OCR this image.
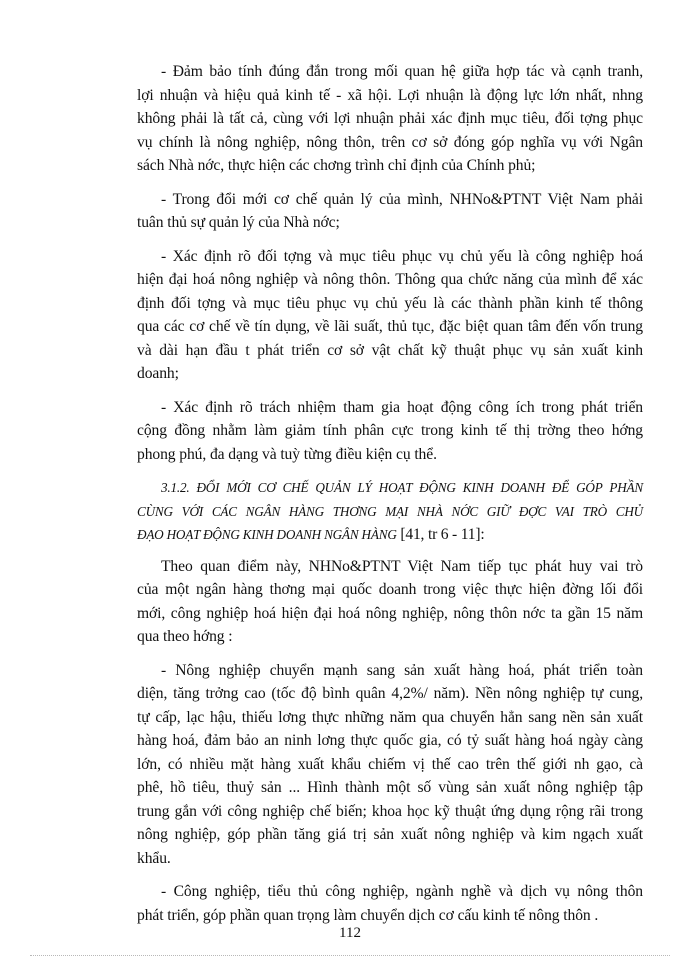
- Đảm bảo tính đúng đắn trong mối quan hệ giữa hợp tác và cạnh tranh,
lợi nhuận và hiệu quả kinh tế - xã hội. Lợi nhuận là động lực lớn nhất, nhng
không phải là tất cả, cùng với lợi nhuận phải xác định mục tiêu, đối tợng phục
vụ chính là nông nghiệp, nông thôn, trên cơ sở đóng góp nghĩa vụ với Ngân
sách Nhà nớc, thực hiện các chơng trình chỉ định của Chính phủ;
- Trong đổi mới cơ chế quản lý của mình, NHNo&PTNT Việt Nam phải
tuân thủ sự quản lý của Nhà nớc;
- Xác định rõ đối tợng và mục tiêu phục vụ chủ yếu là công nghiệp hoá
hiện đại hoá nông nghiệp và nông thôn. Thông qua chức năng của mình để xác
định đối tợng và mục tiêu phục vụ chủ yếu là các thành phần kinh tế thông
qua các cơ chế về tín dụng, về lãi suất, thủ tục, đặc biệt quan tâm đến vốn trung
và dài hạn đầu t phát triển cơ sở vật chất kỹ thuật phục vụ sản xuất kinh
doanh;
- Xác định rõ trách nhiệm tham gia hoạt động công ích trong phát triển
cộng đồng nhằm làm giảm tính phân cực trong kinh tế thị trờng theo hớng
phong phú, đa dạng và tuỳ từng điều kiện cụ thể.
3.1.2. ĐỔI MỚI CƠ CHẾ QUẢN LÝ HOẠT ĐỘNG KINH DOANH ĐỂ GÓP PHẦN
CÙNG VỚI CÁC NGÂN HÀNG THƠNG MẠI NHÀ NỚC GIỮ ĐỢC VAI TRÒ CHỦ
ĐẠO HOẠT ĐỘNG KINH DOANH NGÂN HÀNG [41, tr 6 - 11]:
Theo quan điểm này, NHNo&PTNT Việt Nam tiếp tục phát huy vai trò
của một ngân hàng thơng mại quốc doanh trong việc thực hiện đờng lối đổi
mới, công nghiệp hoá hiện đại hoá nông nghiệp, nông thôn nớc ta gần 15 năm
qua theo hớng :
- Nông nghiệp chuyển mạnh sang sản xuất hàng hoá, phát triển toàn
diện, tăng trởng cao (tốc độ bình quân 4,2%/ năm). Nền nông nghiệp tự cung,
tự cấp, lạc hậu, thiếu lơng thực những năm qua chuyển hẳn sang nền sản xuất
hàng hoá, đảm bảo an ninh lơng thực quốc gia, có tỷ suất hàng hoá ngày càng
lớn, có nhiều mặt hàng xuất khẩu chiếm vị thế cao trên thế giới nh gạo, cà
phê, hồ tiêu, thuỷ sản ... Hình thành một số vùng sản xuất nông nghiệp tập
trung gắn với công nghiệp chế biến; khoa học kỹ thuật ứng dụng rộng rãi trong
nông nghiệp, góp phần tăng giá trị sản xuất nông nghiệp và kim ngạch xuất
khẩu.
- Công nghiệp, tiểu thủ công nghiệp, ngành nghề và dịch vụ nông thôn
phát triển, góp phần quan trọng làm chuyển dịch cơ cấu kinh tế nông thôn .
112
